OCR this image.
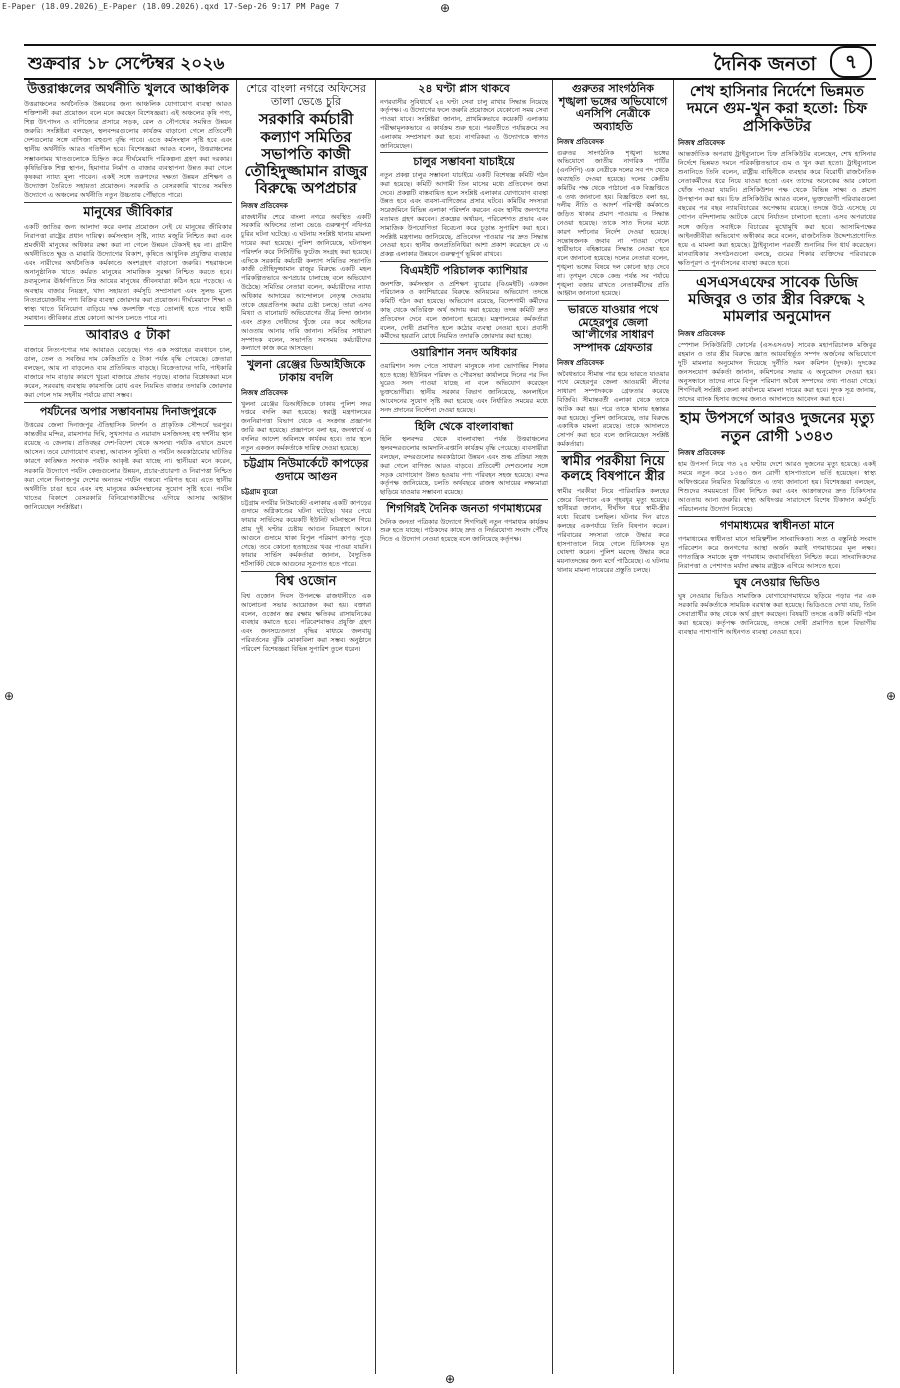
E-Paper (18.09.2026)_E-Paper (18.09.2026).qxd 17-Sep-26 9:17 PM Page 7	⊕
⊕	⊕
শুক্রবার ১৮ সেপ্টেম্বর ২০২৬	দৈনিক জনতা	৭
উত্তরাঞ্চলের অর্থনীতি খুলবে আঞ্চলিক
উত্তরাঞ্চলের অর্থনৈতিক উন্নয়নের জন্য আঞ্চলিক যোগাযোগ ব্যবস্থা আরও শক্তিশালী করা প্রয়োজন বলে মনে করছেন বিশেষজ্ঞরা। এই অঞ্চলের কৃষি পণ্য, শিল্প উৎপাদন ও বাণিজ্যের প্রসারে সড়ক, রেল ও নৌপথের সমন্বিত উন্নয়ন জরুরি। সংশ্লিষ্টরা বলছেন, স্থলবন্দরগুলোর কার্যক্রম বাড়ানো গেলে প্রতিবেশী দেশগুলোর সঙ্গে বাণিজ্য বহুগুণ বৃদ্ধি পাবে। এতে কর্মসংস্থান সৃষ্টি হবে এবং স্থানীয় অর্থনীতি আরও গতিশীল হবে। বিশেষজ্ঞরা আরও বলেন, উত্তরাঞ্চলের সম্ভাবনাময় খাতগুলোকে চিহ্নিত করে দীর্ঘমেয়াদি পরিকল্পনা গ্রহণ করা দরকার। কৃষিভিত্তিক শিল্প স্থাপন, হিমাগার নির্মাণ ও বাজার ব্যবস্থাপনা উন্নত করা গেলে কৃষকরা ন্যায্য মূল্য পাবেন। একই সঙ্গে তরুণদের দক্ষতা উন্নয়ন প্রশিক্ষণ ও উদ্যোক্তা তৈরিতে সহায়তা প্রয়োজন। সরকারি ও বেসরকারি খাতের সমন্বিত উদ্যোগে এ অঞ্চলের অর্থনীতি নতুন উচ্চতায় পৌঁছাতে পারে।
মানুষের জীবিকার
একটি জাতির জন্য আলাদা করে বলার প্রয়োজন নেই যে মানুষের জীবিকার নিরাপত্তা রাষ্ট্রের প্রধান দায়িত্ব। কর্মসংস্থান সৃষ্টি, ন্যায্য মজুরি নিশ্চিত করা এবং শ্রমজীবী মানুষের অধিকার রক্ষা করা না গেলে উন্নয়ন টেকসই হয় না। গ্রামীণ অর্থনীতিতে ক্ষুদ্র ও মাঝারি উদ্যোগের বিকাশ, কৃষিতে আধুনিক প্রযুক্তির ব্যবহার এবং নারীদের অর্থনৈতিক কর্মকাণ্ডে অংশগ্রহণ বাড়ানো জরুরি। শহরাঞ্চলে অনানুষ্ঠানিক খাতে কর্মরত মানুষের সামাজিক সুরক্ষা নিশ্চিত করতে হবে। দ্রব্যমূল্যের ঊর্ধ্বগতিতে নিম্ন আয়ের মানুষের জীবনযাত্রা কঠিন হয়ে পড়েছে। এ অবস্থায় বাজার নিয়ন্ত্রণ, খাদ্য সহায়তা কর্মসূচি সম্প্রসারণ এবং সুলভ মূল্যে নিত্যপ্রয়োজনীয় পণ্য বিক্রির ব্যবস্থা জোরদার করা প্রয়োজন। দীর্ঘমেয়াদে শিক্ষা ও স্বাস্থ্য খাতে বিনিয়োগ বাড়িয়ে দক্ষ জনশক্তি গড়ে তোলাই হতে পারে স্থায়ী সমাধান। জীবিকার প্রশ্নে কোনো আপস চলতে পারে না।
আবারও ৫ টাকা
বাজারে নিত্যপণ্যের দাম আবারও বেড়েছে। গত এক সপ্তাহের ব্যবধানে চাল, ডাল, তেল ও সবজির দাম কেজিপ্রতি ৫ টাকা পর্যন্ত বৃদ্ধি পেয়েছে। ক্রেতারা বলছেন, আয় না বাড়লেও ব্যয় প্রতিনিয়ত বাড়ছে। বিক্রেতাদের দাবি, পাইকারি বাজারে দাম বাড়ার কারণে খুচরা বাজারে প্রভাব পড়ছে। বাজার বিশ্লেষকরা মনে করেন, সরবরাহ ব্যবস্থায় কারসাজি রোধ এবং নিয়মিত বাজার তদারকি জোরদার করা গেলে দাম সহনীয় পর্যায়ে রাখা সম্ভব।
পর্যটনের অপার সম্ভাবনাময় দিনাজপুরকে
উত্তরের জেলা দিনাজপুর ঐতিহাসিক নিদর্শন ও প্রাকৃতিক সৌন্দর্যে ভরপুর। কান্তজীর মন্দির, রামসাগর দিঘি, সুখসাগর ও নয়াবাদ মসজিদসহ বহু দর্শনীয় স্থান রয়েছে এ জেলায়। প্রতিবছর দেশ-বিদেশ থেকে অসংখ্য পর্যটক এখানে ভ্রমণে আসেন। তবে যোগাযোগ ব্যবস্থা, আবাসন সুবিধা ও পর্যটন অবকাঠামোর ঘাটতির কারণে কাঙ্ক্ষিত সংখ্যক পর্যটক আকৃষ্ট করা যাচ্ছে না। স্থানীয়রা মনে করেন, সরকারি উদ্যোগে পর্যটন কেন্দ্রগুলোর উন্নয়ন, প্রচার-প্রচারণা ও নিরাপত্তা নিশ্চিত করা গেলে দিনাজপুর দেশের অন্যতম পর্যটন গন্তব্যে পরিণত হবে। এতে স্থানীয় অর্থনীতি চাঙা হবে এবং বহু মানুষের কর্মসংস্থানের সুযোগ সৃষ্টি হবে। পর্যটন খাতের বিকাশে বেসরকারি বিনিয়োগকারীদের এগিয়ে আসার আহ্বান জানিয়েছেন সংশ্লিষ্টরা।
শেরে বাংলা নগরে অফিসের তালা ভেঙে চুরি
সরকারি কর্মচারী কল্যাণ সমিতির সভাপতি কাজী তৌহিদুজ্জামান রাজুর বিরুদ্ধে অপপ্রচার
নিজস্ব প্রতিবেদক
রাজধানীর শেরে বাংলা নগরে অবস্থিত একটি সরকারি অফিসের তালা ভেঙে গুরুত্বপূর্ণ নথিপত্র চুরির ঘটনা ঘটেছে। এ ঘটনায় সংশ্লিষ্ট থানায় মামলা দায়ের করা হয়েছে। পুলিশ জানিয়েছে, ঘটনাস্থল পরিদর্শন করে সিসিটিভি ফুটেজ সংগ্রহ করা হয়েছে। এদিকে সরকারি কর্মচারী কল্যাণ সমিতির সভাপতি কাজী তৌহিদুজ্জামান রাজুর বিরুদ্ধে একটি মহল পরিকল্পিতভাবে অপপ্রচার চালাচ্ছে বলে অভিযোগ উঠেছে। সমিতির নেতারা বলেন, কর্মচারীদের ন্যায্য অধিকার আদায়ের আন্দোলনে নেতৃত্ব দেওয়ায় তাকে হেয়প্রতিপন্ন করার চেষ্টা চলছে। তারা এসব মিথ্যা ও বানোয়াট অভিযোগের তীব্র নিন্দা জানান এবং প্রকৃত দোষীদের খুঁজে বের করে আইনের আওতায় আনার দাবি জানান। সমিতির সাধারণ সম্পাদক বলেন, সভাপতি সবসময় কর্মচারীদের কল্যাণে কাজ করে আসছেন।
খুলনা রেঞ্জের ডিআইজিকে ঢাকায় বদলি
নিজস্ব প্রতিবেদক
খুলনা রেঞ্জের ডিআইজিকে ঢাকায় পুলিশ সদর দপ্তরে বদলি করা হয়েছে। স্বরাষ্ট্র মন্ত্রণালয়ের জননিরাপত্তা বিভাগ থেকে এ সংক্রান্ত প্রজ্ঞাপন জারি করা হয়েছে। প্রজ্ঞাপনে বলা হয়, জনস্বার্থে এ বদলির আদেশ অবিলম্বে কার্যকর হবে। তার স্থলে নতুন একজন কর্মকর্তাকে দায়িত্ব দেওয়া হয়েছে।
চট্টগ্রাম নিউমার্কেটে কাপড়ের গুদামে আগুন
চট্টগ্রাম ব্যুরো
চট্টগ্রাম নগরীর নিউমার্কেট এলাকায় একটি কাপড়ের গুদামে অগ্নিকাণ্ডের ঘটনা ঘটেছে। খবর পেয়ে ফায়ার সার্ভিসের কয়েকটি ইউনিট ঘটনাস্থলে গিয়ে প্রায় দুই ঘণ্টার চেষ্টায় আগুন নিয়ন্ত্রণে আনে। আগুনে গুদামে থাকা বিপুল পরিমাণ কাপড় পুড়ে গেছে। তবে কোনো হতাহতের খবর পাওয়া যায়নি। ফায়ার সার্ভিস কর্মকর্তারা জানান, বৈদ্যুতিক শর্টসার্কিট থেকে আগুনের সূত্রপাত হতে পারে।
বিশ্ব ওজোন
বিশ্ব ওজোন দিবস উপলক্ষে রাজধানীতে এক আলোচনা সভার আয়োজন করা হয়। বক্তারা বলেন, ওজোন স্তর রক্ষায় ক্ষতিকর রাসায়নিকের ব্যবহার কমাতে হবে। পরিবেশবান্ধব প্রযুক্তি গ্রহণ এবং জনসচেতনতা বৃদ্ধির মাধ্যমে জলবায়ু পরিবর্তনের ঝুঁকি মোকাবিলা করা সম্ভব। অনুষ্ঠানে পরিবেশ বিশেষজ্ঞরা বিভিন্ন সুপারিশ তুলে ধরেন।
২৪ ঘণ্টা প্লাস থাকবে
নগরবাসীর সুবিধার্থে ২৪ ঘণ্টা সেবা চালু রাখার সিদ্ধান্ত নিয়েছে কর্তৃপক্ষ। এ উদ্যোগের ফলে জরুরি প্রয়োজনে যেকোনো সময় সেবা পাওয়া যাবে। সংশ্লিষ্টরা জানান, প্রাথমিকভাবে কয়েকটি এলাকায় পরীক্ষামূলকভাবে এ কার্যক্রম শুরু হবে। পরবর্তীতে পর্যায়ক্রমে সব এলাকায় সম্প্রসারণ করা হবে। নাগরিকরা এ উদ্যোগকে স্বাগত জানিয়েছেন।
চালুর সম্ভাবনা যাচাইয়ে
নতুন প্রকল্প চালুর সম্ভাবনা যাচাইয়ে একটি বিশেষজ্ঞ কমিটি গঠন করা হয়েছে। কমিটি আগামী তিন মাসের মধ্যে প্রতিবেদন জমা দেবে। প্রকল্পটি বাস্তবায়িত হলে সংশ্লিষ্ট এলাকার যোগাযোগ ব্যবস্থা উন্নত হবে এবং ব্যবসা-বাণিজ্যের প্রসার ঘটবে। কমিটির সদস্যরা সরেজমিনে বিভিন্ন এলাকা পরিদর্শন করবেন এবং স্থানীয় জনগণের মতামত গ্রহণ করবেন। প্রকল্পের অর্থায়ন, পরিবেশগত প্রভাব এবং সামাজিক উপযোগিতা বিবেচনা করে চূড়ান্ত সুপারিশ করা হবে। সংশ্লিষ্ট মন্ত্রণালয় জানিয়েছে, প্রতিবেদন পাওয়ার পর দ্রুত সিদ্ধান্ত নেওয়া হবে। স্থানীয় জনপ্রতিনিধিরা আশা প্রকাশ করেছেন যে এ প্রকল্প এলাকার উন্নয়নে গুরুত্বপূর্ণ ভূমিকা রাখবে।
বিএমইটি পরিচালক ক্যাশিয়ার
জনশক্তি, কর্মসংস্থান ও প্রশিক্ষণ ব্যুরোর (বিএমইটি) একজন পরিচালক ও ক্যাশিয়ারের বিরুদ্ধে অনিয়মের অভিযোগ তদন্তে কমিটি গঠন করা হয়েছে। অভিযোগ রয়েছে, বিদেশগামী কর্মীদের কাছ থেকে অতিরিক্ত অর্থ আদায় করা হয়েছে। তদন্ত কমিটি দ্রুত প্রতিবেদন দেবে বলে জানানো হয়েছে। মন্ত্রণালয়ের কর্মকর্তারা বলেন, দোষী প্রমাণিত হলে কঠোর ব্যবস্থা নেওয়া হবে। প্রবাসী কর্মীদের হয়রানি রোধে নিয়মিত তদারকি জোরদার করা হচ্ছে।
ওয়ারিশান সনদ অধিকার
ওয়ারিশান সনদ পেতে সাধারণ মানুষকে নানা ভোগান্তির শিকার হতে হচ্ছে। ইউনিয়ন পরিষদ ও পৌরসভা কার্যালয়ে দিনের পর দিন ঘুরেও সনদ পাওয়া যাচ্ছে না বলে অভিযোগ করেছেন ভুক্তভোগীরা। স্থানীয় সরকার বিভাগ জানিয়েছে, অনলাইনে আবেদনের সুযোগ সৃষ্টি করা হয়েছে এবং নির্ধারিত সময়ের মধ্যে সনদ প্রদানের নির্দেশনা দেওয়া হয়েছে।
হিলি থেকে বাংলাবান্ধা
হিলি স্থলবন্দর থেকে বাংলাবান্ধা পর্যন্ত উত্তরাঞ্চলের স্থলবন্দরগুলোর আমদানি-রপ্তানি কার্যক্রম বৃদ্ধি পেয়েছে। ব্যবসায়ীরা বলছেন, বন্দরগুলোর অবকাঠামো উন্নয়ন এবং শুল্ক প্রক্রিয়া সহজ করা গেলে বাণিজ্য আরও বাড়বে। প্রতিবেশী দেশগুলোর সঙ্গে সড়ক যোগাযোগ উন্নত হওয়ায় পণ্য পরিবহন সহজ হয়েছে। বন্দর কর্তৃপক্ষ জানিয়েছে, চলতি অর্থবছরে রাজস্ব আদায়ের লক্ষ্যমাত্রা ছাড়িয়ে যাওয়ার সম্ভাবনা রয়েছে।
শিগগিরই দৈনিক জনতা গণমাধ্যমের
দৈনিক জনতা পত্রিকার উদ্যোগে শিগগিরই নতুন গণমাধ্যম কার্যক্রম শুরু হতে যাচ্ছে। পাঠকদের কাছে দ্রুত ও নির্ভরযোগ্য সংবাদ পৌঁছে দিতে এ উদ্যোগ নেওয়া হয়েছে বলে জানিয়েছে কর্তৃপক্ষ।
গুরুতর সাংগঠনিক শৃঙ্খলা ভঙ্গের অভিযোগে এনসিপি নেত্রীকে অব্যাহতি
নিজস্ব প্রতিবেদক
গুরুতর সাংগঠনিক শৃঙ্খলা ভঙ্গের অভিযোগে জাতীয় নাগরিক পার্টির (এনসিপি) এক নেত্রীকে দলের সব পদ থেকে অব্যাহতি দেওয়া হয়েছে। দলের কেন্দ্রীয় কমিটির পক্ষ থেকে পাঠানো এক বিজ্ঞপ্তিতে এ তথ্য জানানো হয়। বিজ্ঞপ্তিতে বলা হয়, দলীয় নীতি ও আদর্শ পরিপন্থী কর্মকাণ্ডে জড়িত থাকার প্রমাণ পাওয়ায় এ সিদ্ধান্ত নেওয়া হয়েছে। তাকে সাত দিনের মধ্যে কারণ দর্শানোর নির্দেশ দেওয়া হয়েছে। সন্তোষজনক জবাব না পাওয়া গেলে স্থায়ীভাবে বহিষ্কারের সিদ্ধান্ত নেওয়া হবে বলে জানানো হয়েছে। দলের নেতারা বলেন, শৃঙ্খলা ভঙ্গের বিষয়ে দল কোনো ছাড় দেবে না। তৃণমূল থেকে কেন্দ্র পর্যন্ত সব পর্যায়ে শৃঙ্খলা বজায় রাখতে নেতাকর্মীদের প্রতি আহ্বান জানানো হয়েছে।
ভারতে যাওয়ার পথে মেহেরপুর জেলা আ'লীগের সাধারণ সম্পাদক গ্রেফতার
নিজস্ব প্রতিবেদক
অবৈধভাবে সীমান্ত পার হয়ে ভারতে যাওয়ার পথে মেহেরপুর জেলা আওয়ামী লীগের সাধারণ সম্পাদককে গ্রেফতার করেছে বিজিবি। সীমান্তবর্তী এলাকা থেকে তাকে আটক করা হয়। পরে তাকে থানায় হস্তান্তর করা হয়েছে। পুলিশ জানিয়েছে, তার বিরুদ্ধে একাধিক মামলা রয়েছে। তাকে আদালতে সোপর্দ করা হবে বলে জানিয়েছেন সংশ্লিষ্ট কর্মকর্তারা।
স্বামীর পরকীয়া নিয়ে কলহে বিষপানে স্ত্রীর
স্বামীর পরকীয়া নিয়ে পারিবারিক কলহের জেরে বিষপানে এক গৃহবধূর মৃত্যু হয়েছে। স্থানীয়রা জানান, দীর্ঘদিন ধরে স্বামী-স্ত্রীর মধ্যে বিরোধ চলছিল। ঘটনার দিন রাতে কলহের একপর্যায়ে তিনি বিষপান করেন। পরিবারের সদস্যরা তাকে উদ্ধার করে হাসপাতালে নিয়ে গেলে চিকিৎসক মৃত ঘোষণা করেন। পুলিশ মরদেহ উদ্ধার করে ময়নাতদন্তের জন্য মর্গে পাঠিয়েছে। এ ঘটনায় থানায় মামলা দায়েরের প্রস্তুতি চলছে।
শেখ হাসিনার নির্দেশে ভিন্নমত দমনে গুম-খুন করা হতো: চিফ প্রসিকিউটর
নিজস্ব প্রতিবেদক
আন্তর্জাতিক অপরাধ ট্রাইব্যুনালে চিফ প্রসিকিউটর বলেছেন, শেখ হাসিনার নির্দেশে ভিন্নমত দমনে পরিকল্পিতভাবে গুম ও খুন করা হতো। ট্রাইব্যুনালে শুনানিতে তিনি বলেন, রাষ্ট্রীয় বাহিনীকে ব্যবহার করে বিরোধী রাজনৈতিক নেতাকর্মীদের ধরে নিয়ে যাওয়া হতো এবং তাদের অনেকের আর কোনো খোঁজ পাওয়া যায়নি। প্রসিকিউশন পক্ষ থেকে বিভিন্ন সাক্ষ্য ও প্রমাণ উপস্থাপন করা হয়। চিফ প্রসিকিউটর আরও বলেন, ভুক্তভোগী পরিবারগুলো বছরের পর বছর ন্যায়বিচারের অপেক্ষায় রয়েছে। তদন্তে উঠে এসেছে যে গোপন বন্দিশালায় আটকে রেখে নির্যাতন চালানো হতো। এসব অপরাধের সঙ্গে জড়িত সবাইকে বিচারের মুখোমুখি করা হবে। আসামিপক্ষের আইনজীবীরা অভিযোগ অস্বীকার করে বলেন, রাজনৈতিক উদ্দেশ্যপ্রণোদিত হয়ে এ মামলা করা হয়েছে। ট্রাইব্যুনাল পরবর্তী শুনানির দিন ধার্য করেছেন। মানবাধিকার সংগঠনগুলো বলছে, গুমের শিকার ব্যক্তিদের পরিবারকে ক্ষতিপূরণ ও পুনর্বাসনের ব্যবস্থা করতে হবে।
এসএসএফের সাবেক ডিজি মজিবুর ও তার স্ত্রীর বিরুদ্ধে ২ মামলার অনুমোদন
নিজস্ব প্রতিবেদক
স্পেশাল সিকিউরিটি ফোর্সের (এসএসএফ) সাবেক মহাপরিচালক মজিবুর রহমান ও তার স্ত্রীর বিরুদ্ধে জ্ঞাত আয়বহির্ভূত সম্পদ অর্জনের অভিযোগে দুটি মামলার অনুমোদন দিয়েছে দুর্নীতি দমন কমিশন (দুদক)। দুদকের জনসংযোগ কর্মকর্তা জানান, কমিশনের সভায় এ অনুমোদন দেওয়া হয়। অনুসন্ধানে তাদের নামে বিপুল পরিমাণ অবৈধ সম্পদের তথ্য পাওয়া গেছে। শিগগিরই সংশ্লিষ্ট জেলা কার্যালয়ে মামলা দায়ের করা হবে। দুদক সূত্র জানায়, তাদের ব্যাংক হিসাব জব্দের জন্যও আদালতে আবেদন করা হবে।
হাম উপসর্গে আরও দুজনের মৃত্যু নতুন রোগী ১৩৪৩
নিজস্ব প্রতিবেদক
হাম উপসর্গ নিয়ে গত ২৪ ঘণ্টায় দেশে আরও দুজনের মৃত্যু হয়েছে। একই সময়ে নতুন করে ১৩৪৩ জন রোগী হাসপাতালে ভর্তি হয়েছেন। স্বাস্থ্য অধিদপ্তরের নিয়মিত বিজ্ঞপ্তিতে এ তথ্য জানানো হয়। বিশেষজ্ঞরা বলছেন, শিশুদের সময়মতো টিকা নিশ্চিত করা এবং আক্রান্তদের দ্রুত চিকিৎসার আওতায় আনা জরুরি। স্বাস্থ্য অধিদপ্তর সারাদেশে বিশেষ টিকাদান কর্মসূচি পরিচালনার উদ্যোগ নিয়েছে।
গণমাধ্যমের স্বাধীনতা মানে
গণমাধ্যমের স্বাধীনতা মানে দায়িত্বশীল সাংবাদিকতা। সত্য ও বস্তুনিষ্ঠ সংবাদ পরিবেশন করে জনগণের আস্থা অর্জন করাই গণমাধ্যমের মূল লক্ষ্য। গণতান্ত্রিক সমাজে মুক্ত গণমাধ্যম জবাবদিহিতা নিশ্চিত করে। সাংবাদিকদের নিরাপত্তা ও পেশাগত মর্যাদা রক্ষায় রাষ্ট্রকে এগিয়ে আসতে হবে।
ঘুষ নেওয়ার ভিডিও
ঘুষ নেওয়ার ভিডিও সামাজিক যোগাযোগমাধ্যমে ছড়িয়ে পড়ার পর এক সরকারি কর্মকর্তাকে সাময়িক বরখাস্ত করা হয়েছে। ভিডিওতে দেখা যায়, তিনি সেবাপ্রার্থীর কাছ থেকে অর্থ গ্রহণ করছেন। বিষয়টি তদন্তে একটি কমিটি গঠন করা হয়েছে। কর্তৃপক্ষ জানিয়েছে, তদন্তে দোষী প্রমাণিত হলে বিভাগীয় ব্যবস্থার পাশাপাশি আইনগত ব্যবস্থা নেওয়া হবে।
⊕
